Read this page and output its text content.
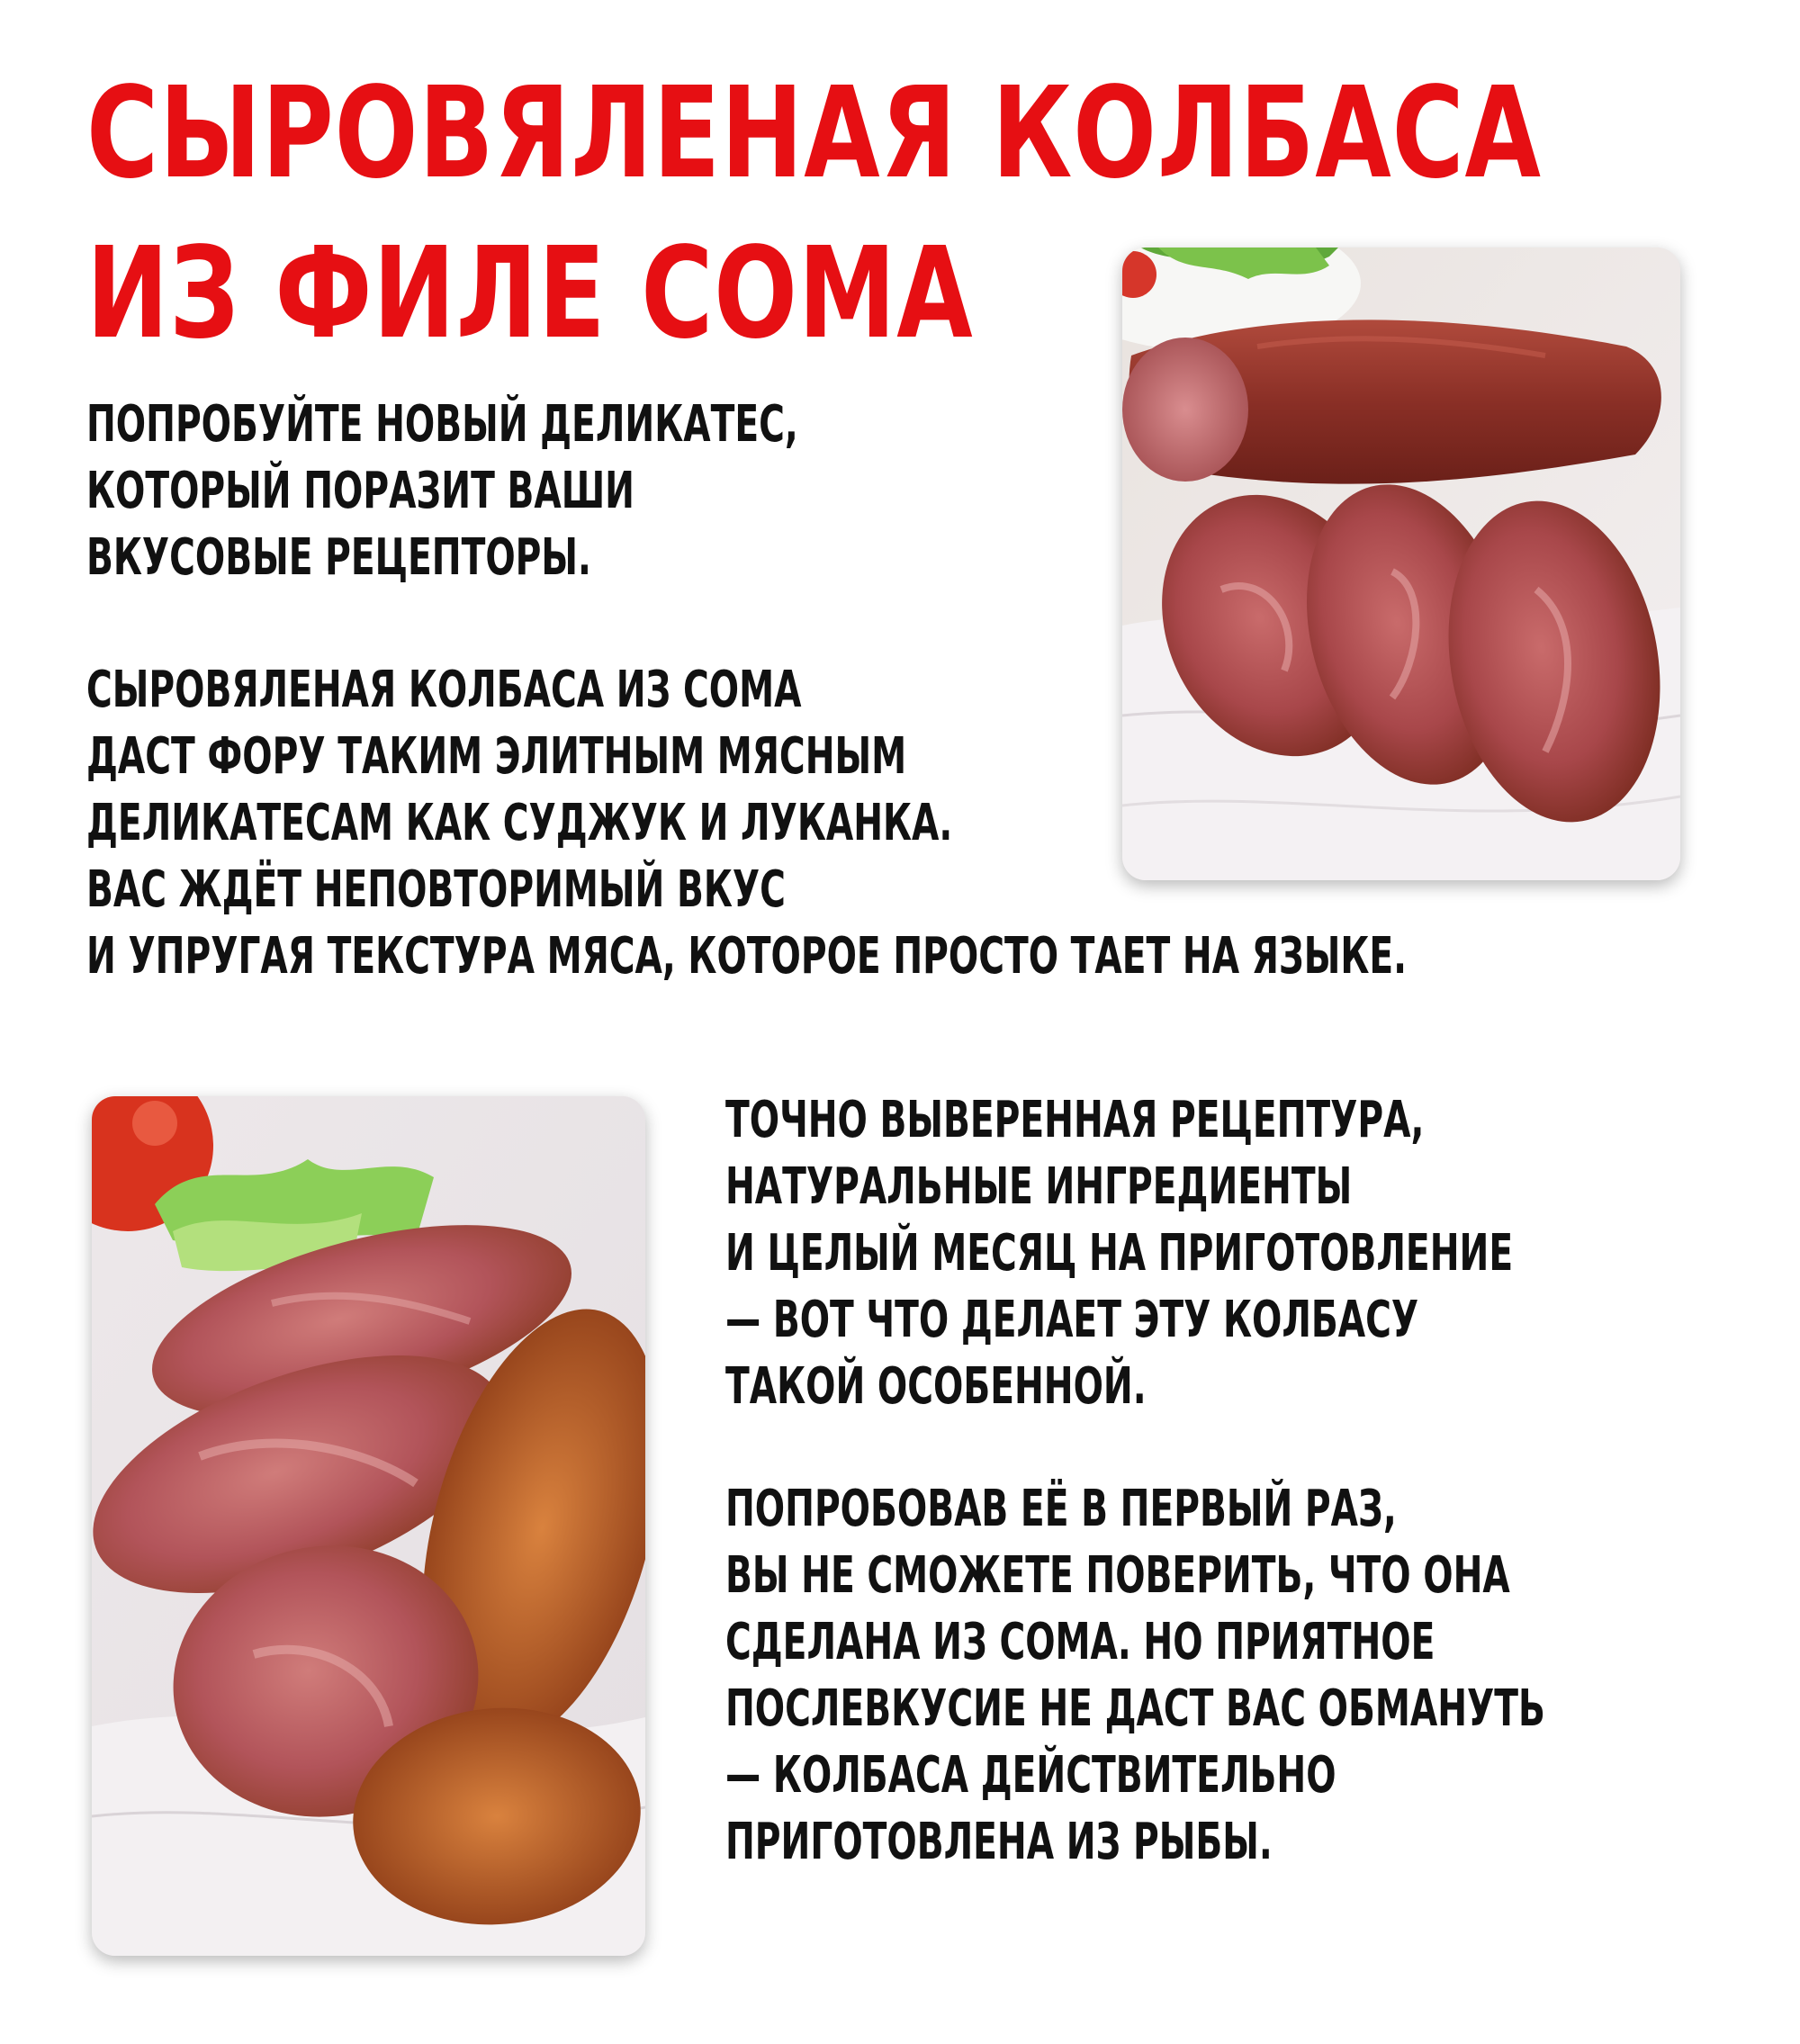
СЫРОВЯЛЕНАЯ КОЛБАСА
ИЗ ФИЛЕ СОМА

ПОПРОБУЙТЕ НОВЫЙ ДЕЛИКАТЕС,
КОТОРЫЙ ПОРАЗИТ ВАШИ
ВКУСОВЫЕ РЕЦЕПТОРЫ.

СЫРОВЯЛЕНАЯ КОЛБАСА ИЗ СОМА
ДАСТ ФОРУ ТАКИМ ЭЛИТНЫМ МЯСНЫМ
ДЕЛИКАТЕСАМ КАК СУДЖУК И ЛУКАНКА.
ВАС ЖДЁТ НЕПОВТОРИМЫЙ ВКУС
И УПРУГАЯ ТЕКСТУРА МЯСА, КОТОРОЕ ПРОСТО ТАЕТ НА ЯЗЫКЕ.

ТОЧНО ВЫВЕРЕННАЯ РЕЦЕПТУРА,
НАТУРАЛЬНЫЕ ИНГРЕДИЕНТЫ
И ЦЕЛЫЙ МЕСЯЦ НА ПРИГОТОВЛЕНИЕ
— ВОТ ЧТО ДЕЛАЕТ ЭТУ КОЛБАСУ
ТАКОЙ ОСОБЕННОЙ.

ПОПРОБОВАВ ЕЁ В ПЕРВЫЙ РАЗ,
ВЫ НЕ СМОЖЕТЕ ПОВЕРИТЬ, ЧТО ОНА
СДЕЛАНА ИЗ СОМА. НО ПРИЯТНОЕ
ПОСЛЕВКУСИЕ НЕ ДАСТ ВАС ОБМАНУТЬ
— КОЛБАСА ДЕЙСТВИТЕЛЬНО
ПРИГОТОВЛЕНА ИЗ РЫБЫ.
